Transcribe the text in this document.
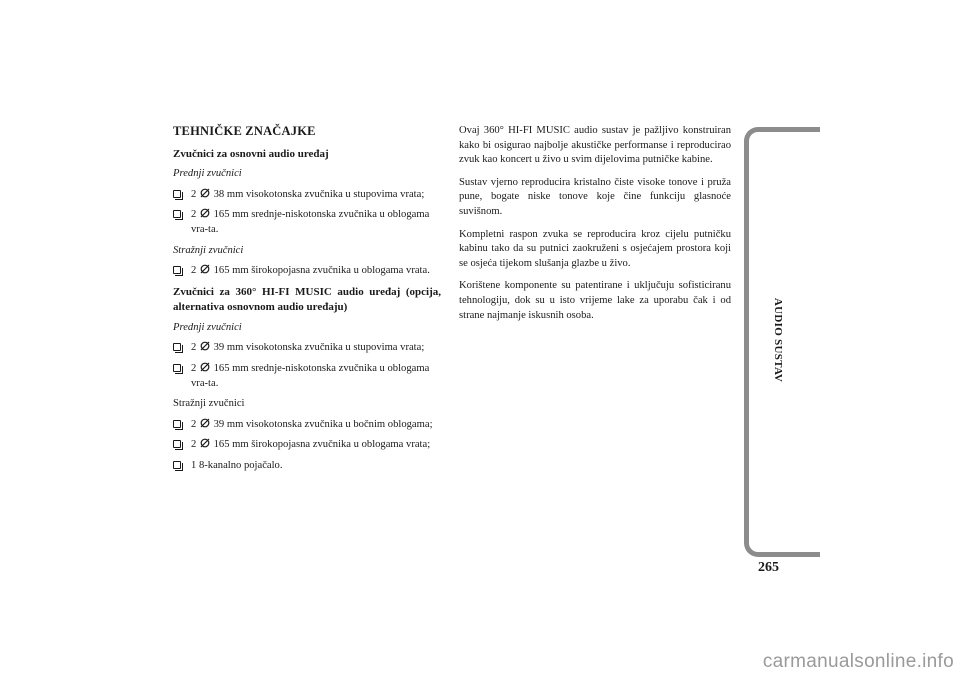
TEHNIČKE ZNAČAJKE
Zvučnici za osnovni audio uređaj
Prednji zvučnici
2 38 mm visokotonska zvučnika u stupovima vrata;
2 165 mm srednje-niskotonska zvučnika u oblogama vra-ta.
Stražnji zvučnici
2 165 mm širokopojasna zvučnika u oblogama vrata.
Zvučnici za 360° HI-FI MUSIC audio uređaj (opcija, alternativa osnovnom audio uređaju)
Prednji zvučnici
2 39 mm visokotonska zvučnika u stupovima vrata;
2 165 mm srednje-niskotonska zvučnika u oblogama vra-ta.
Stražnji zvučnici
2 39 mm visokotonska zvučnika u bočnim oblogama;
2 165 mm širokopojasna zvučnika u oblogama vrata;
1 8-kanalno pojačalo.

Ovaj 360° HI-FI MUSIC audio sustav je pažljivo konstruiran kako bi osigurao najbolje akustičke performanse i reproducirao zvuk kao koncert u živo u svim dijelovima putničke kabine.

Sustav vjerno reproducira kristalno čiste visoke tonove i pruža pune, bogate niske tonove koje čine funkciju glasnoće suvišnom.

Kompletni raspon zvuka se reproducira kroz cijelu putničku kabinu tako da su putnici zaokruženi s osjećajem prostora koji se osjeća tijekom slušanja glazbe u živo.

Korištene komponente su patentirane i uključuju sofisticiranu tehnologiju, dok su u isto vrijeme lake za uporabu čak i od strane najmanje iskusnih osoba.	AUDIO SUSTAV
265
carmanualsonline.info
